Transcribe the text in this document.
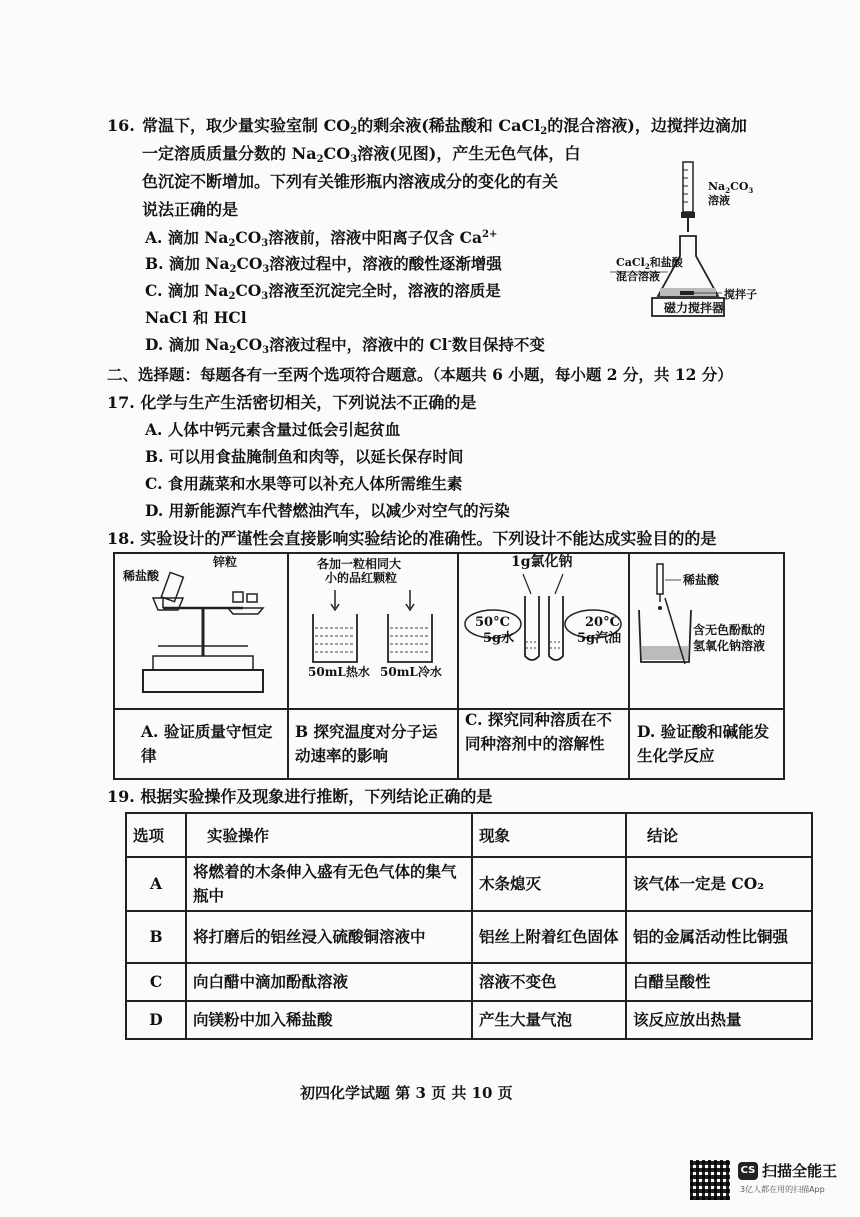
16. 常温下，取少量实验室制 $CO_2$的剩余液(稀盐酸和 CaCl$_2$的混合溶液)，边搅拌边滴加
一定溶质质量分数的 $Na_2CO_3$溶液(见图)，产生无色气体，白
色沉淀不断增加。下列有关锥形瓶内溶液成分的变化的有关
说法正确的是
A. 滴加 $Na_2CO_3$溶液前，溶液中阳离子仅含 $Ca^{2+}$
B. 滴加 $Na_2CO_3$溶液过程中，溶液的酸性逐渐增强
C. 滴加 $Na_2CO_3$溶液至沉淀完全时，溶液的溶质是
NaCl 和 HCl
D. 滴加 $Na_2CO_3$溶液过程中，溶液中的 Cl-数目保持不变
$Na_2CO_3$
溶液
CaCl$_2$和盐酸
混合溶液
搅拌子
磁力搅拌器
二、选择题：每题各有一至两个选项符合题意。（本题共 6 小题，每小题 2 分，共 12 分）
17. 化学与生产生活密切相关，下列说法不正确的是
A. 人体中钙元素含量过低会引起贫血
B. 可以用食盐腌制鱼和肉等，以延长保存时间
C. 食用蔬菜和水果等可以补充人体所需维生素
D. 用新能源汽车代替燃油汽车，以减少对空气的污染
18. 实验设计的严谨性会直接影响实验结论的准确性。下列设计不能达成实验目的的是
稀盐酸
锌粒	各加一粒相同大
小的品红颗粒
50mL热水 50mL冷水
1g氯化钠
50°C	20°C
5g水	5g汽油
稀盐酸
含无色酚酞的
氢氧化钠溶液
A. 验证质量守恒定律
B 探究温度对分子运动速率的影响
C. 探究同种溶质在不同种溶剂中的溶解性
D. 验证酸和碱能发生化学反应
19. 根据实验操作及现象进行推断，下列结论正确的是
选项	实验操作	现象	结论
A	将燃着的木条伸入盛有无色气体的集气瓶中	木条熄灭	该气体一定是 CO₂
B	将打磨后的铝丝浸入硫酸铜溶液中	铝丝上附着红色固体	铝的金属活动性比铜强
C	向白醋中滴加酚酞溶液	溶液不变色	白醋呈酸性
D	向镁粉中加入稀盐酸	产生大量气泡	该反应放出热量
初四化学试题 第 3 页 共 10 页
CS 扫描全能王
3亿人都在用的扫描App
